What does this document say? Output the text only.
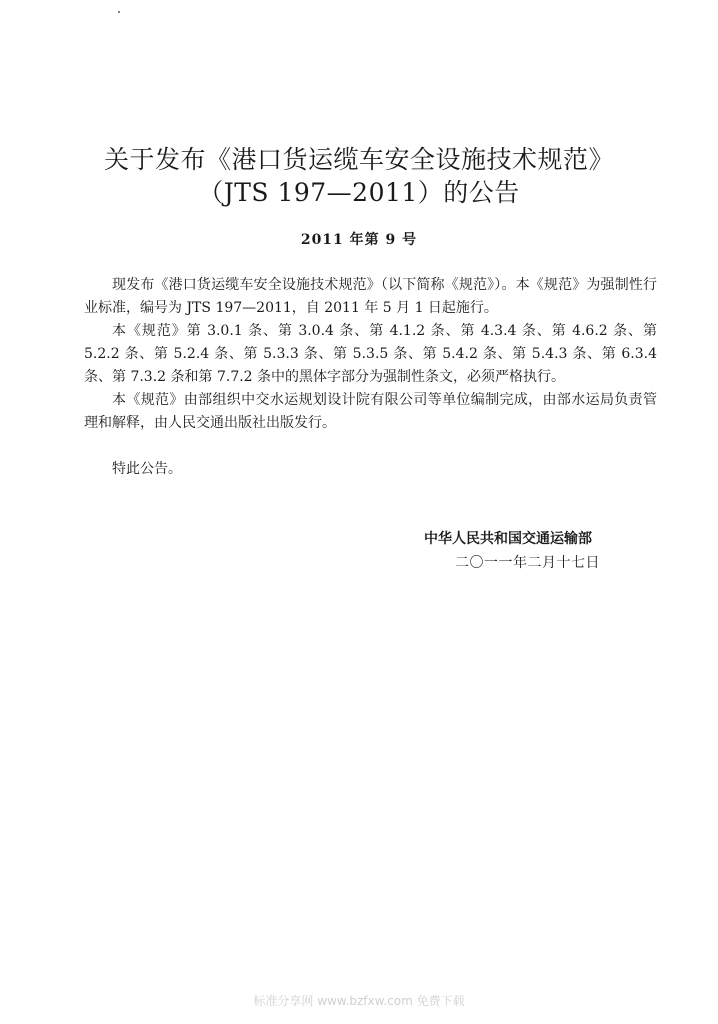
关于发布《港口货运缆车安全设施技术规范》
（JTS 197—2011）的公告
2011 年第 9 号

现发布《港口货运缆车安全设施技术规范》（以下简称《规范》）。本《规范》为强制性行业标准，编号为 JTS 197—2011，自 2011 年 5 月 1 日起施行。

本《规范》第 3.0.1 条、第 3.0.4 条、第 4.1.2 条、第 4.3.4 条、第 4.6.2 条、第 5.2.2 条、第 5.2.4 条、第 5.3.3 条、第 5.3.5 条、第 5.4.2 条、第 5.4.3 条、第 6.3.4 条、第 7.3.2 条和第 7.7.2 条中的黑体字部分为强制性条文，必须严格执行。

本《规范》由部组织中交水运规划设计院有限公司等单位编制完成，由部水运局负责管理和解释，由人民交通出版社出版发行。

特此公告。
中华人民共和国交通运输部
二〇一一年二月十七日
标准分享网 www.bzfxw.com 免费下载
